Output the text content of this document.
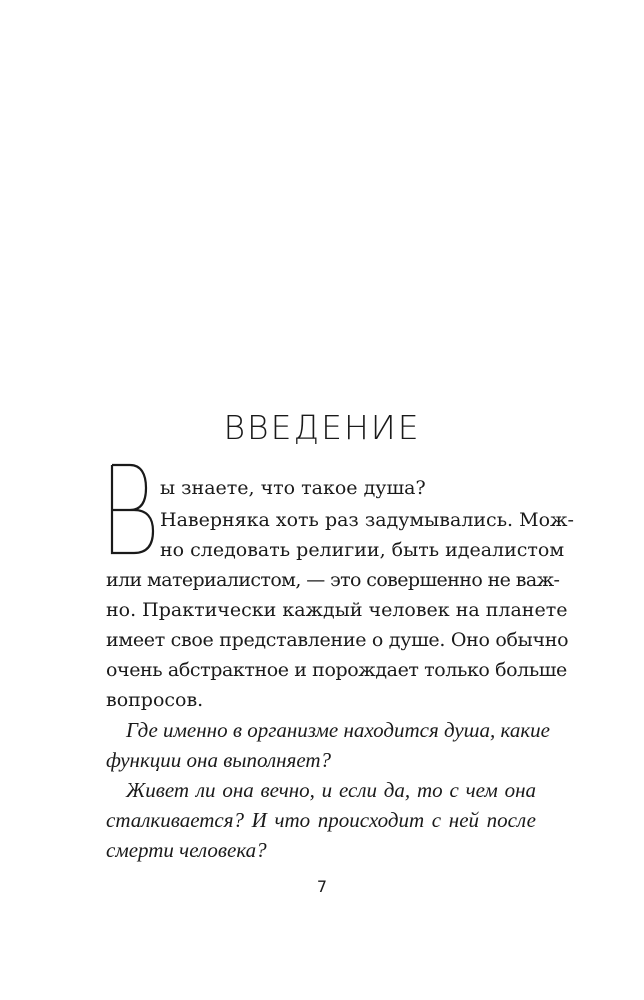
ВВЕДЕНИЕ

ы знаете, что такое душа?

Наверняка хоть раз задумывались. Мож-

но следовать религии, быть идеалистом

или материалистом, — это совершенно не важ-

но. Практически каждый человек на планете

имеет свое представление о душе. Оно обычно

очень абстрактное и порождает только больше

вопросов.

Где именно в организме находится душа, какие

функции она выполняет?

Живет ли она вечно, и если да, то с чем она

сталкивается? И что происходит с ней после

смерти человека?

7
